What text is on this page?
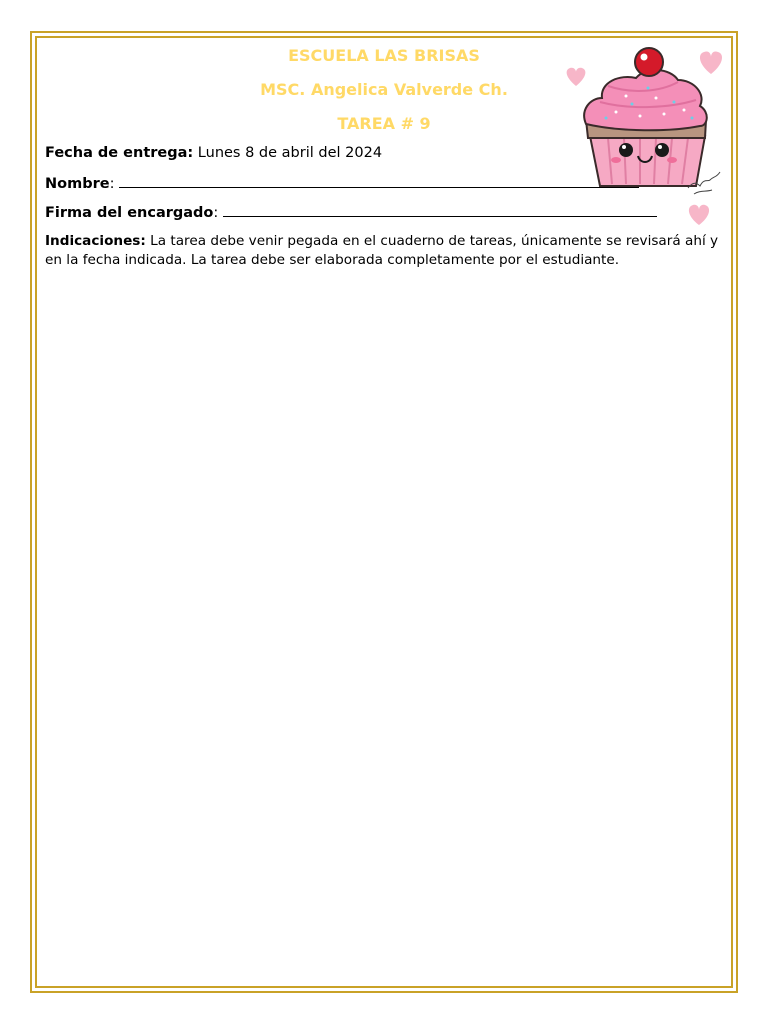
ESCUELA LAS BRISAS
MSC. Angelica Valverde Ch.
TAREA # 9
Fecha de entrega: Lunes 8 de abril del 2024
Nombre:
Firma del encargado:
Indicaciones: La tarea debe venir pegada en el cuaderno de tareas, únicamente se revisará ahí y en la fecha indicada. La tarea debe ser elaborada completamente por el estudiante.
